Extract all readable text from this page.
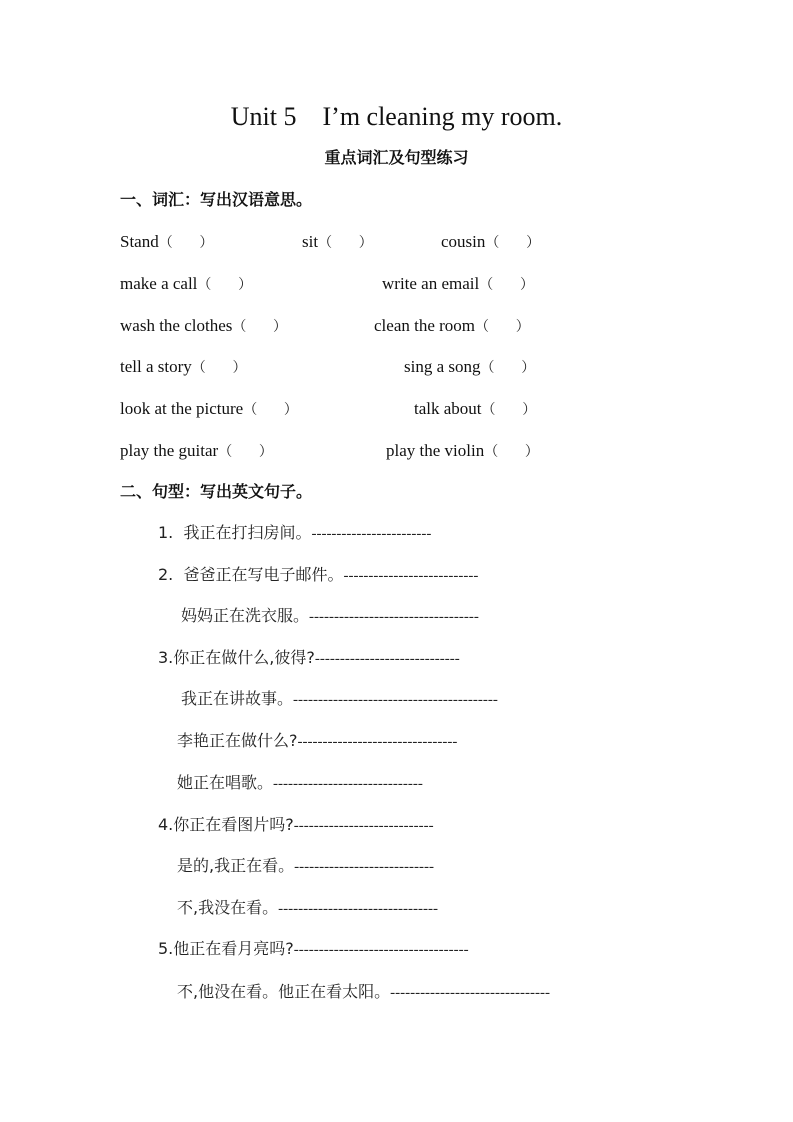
Unit 5    I’m cleaning my room.
重点词汇及句型练习
一、词汇：写出汉语意思。
Stand（      ）	sit（      ）	cousin（      ）
make a call（      ）	write an email（      ）
wash the clothes（      ）	clean the room（      ）
tell a story（      ）	sing a song（      ）
look at the picture（      ）	talk about（      ）
play the guitar（      ）	play the violin（      ）
二、句型：写出英文句子。
1.  我正在打扫房间。------------------------
2.  爸爸正在写电子邮件。---------------------------
妈妈正在洗衣服。----------------------------------
3.你正在做什么,彼得?-----------------------------
我正在讲故事。-----------------------------------------
李艳正在做什么?--------------------------------
她正在唱歌。------------------------------
4.你正在看图片吗?----------------------------
是的,我正在看。----------------------------
不,我没在看。--------------------------------
5.他正在看月亮吗?-----------------------------------
不,他没在看。他正在看太阳。--------------------------------
